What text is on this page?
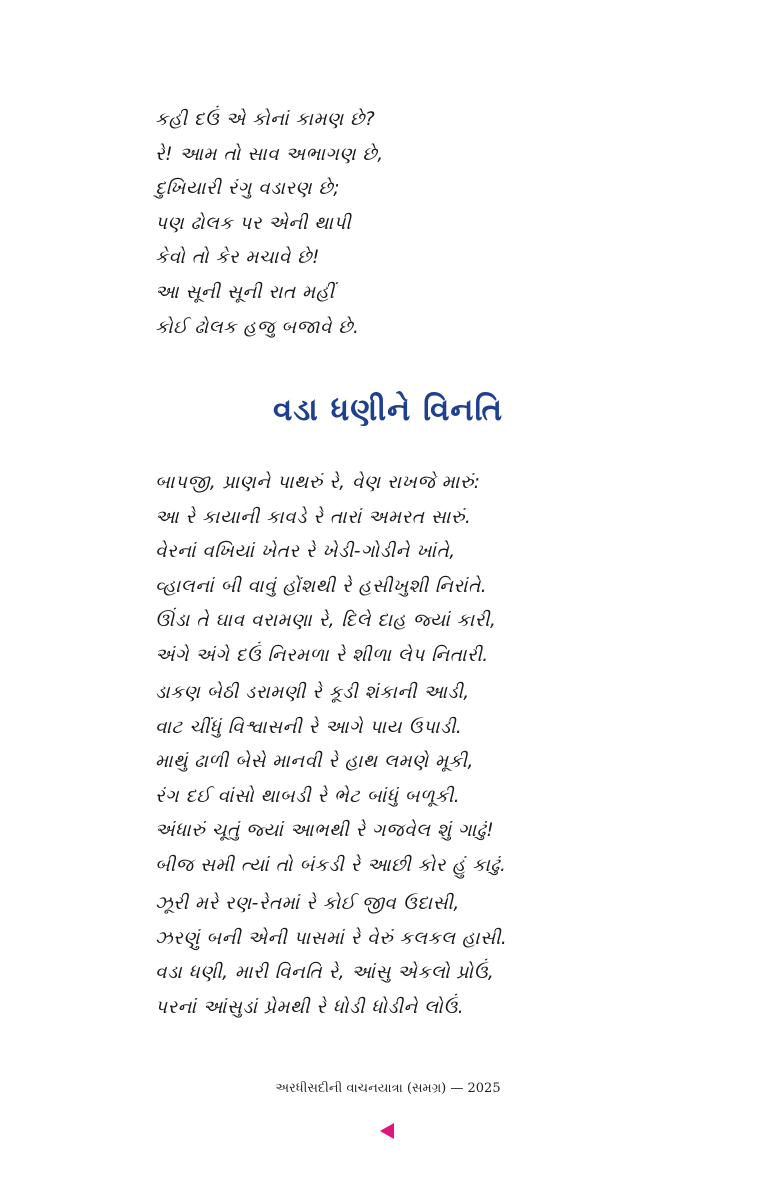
કહી દઉં એ કોનાં કામણ છે?
રે! આમ તો સાવ અભાગણ છે,
દુખિયારી રંગુ વડારણ છે;
પણ ઢોલક પર એની થાપી
કેવો તો કેર મચાવે છે!
આ સૂની સૂની રાત મહીં
કોઈ ઢોલક હજુ બજાવે છે.
વડા ધણીને વિનતિ
બાપજી, પ્રાણને પાથરું રે, વેણ રાખજે મારું:
આ રે કાયાની કાવડે રે તારાં અમરત સારું.
વેરનાં વખિયાં ખેતર રે ખેડી-ગોડીને ખાંતે,
વ્હાલનાં બી વાવું હોંશથી રે હસીખુશી નિરાંતે.
ઊંડા તે ઘાવ વરામણા રે, દિલે દાહ જ્યાં કારી,
અંગે અંગે દઉં નિરમળા રે શીળા લેપ નિતારી.
ડાકણ બેઠી ડરામણી રે કૂડી શંકાની આડી,
વાટ ચીંધું વિશ્વાસની રે આગે પાય ઉપાડી.
માથું ઢાળી બેસે માનવી રે હાથ લમણે મૂકી,
રંગ દઈ વાંસો થાબડી રે ભેટ બાંધું બળૂકી.
અંધારું ચૂતું જ્યાં આભથી રે ગજવેલ શું ગાઢું!
બીજ સમી ત્યાં તો બંકડી રે આછી કોર હું કાઢું.
ઝૂરી મરે રણ-રેતમાં રે કોઈ જીવ ઉદાસી,
ઝરણું બની એની પાસમાં રે વેરું કલકલ હાસી.
વડા ધણી, મારી વિનતિ રે, આંસુ એકલો પ્રોઉં,
પરનાં આંસુડાં પ્રેમથી રે ધોડી ધોડીને લોઉં.
અરધીસદીની વાચનયાત્રા (સમગ્ર) — 2025
